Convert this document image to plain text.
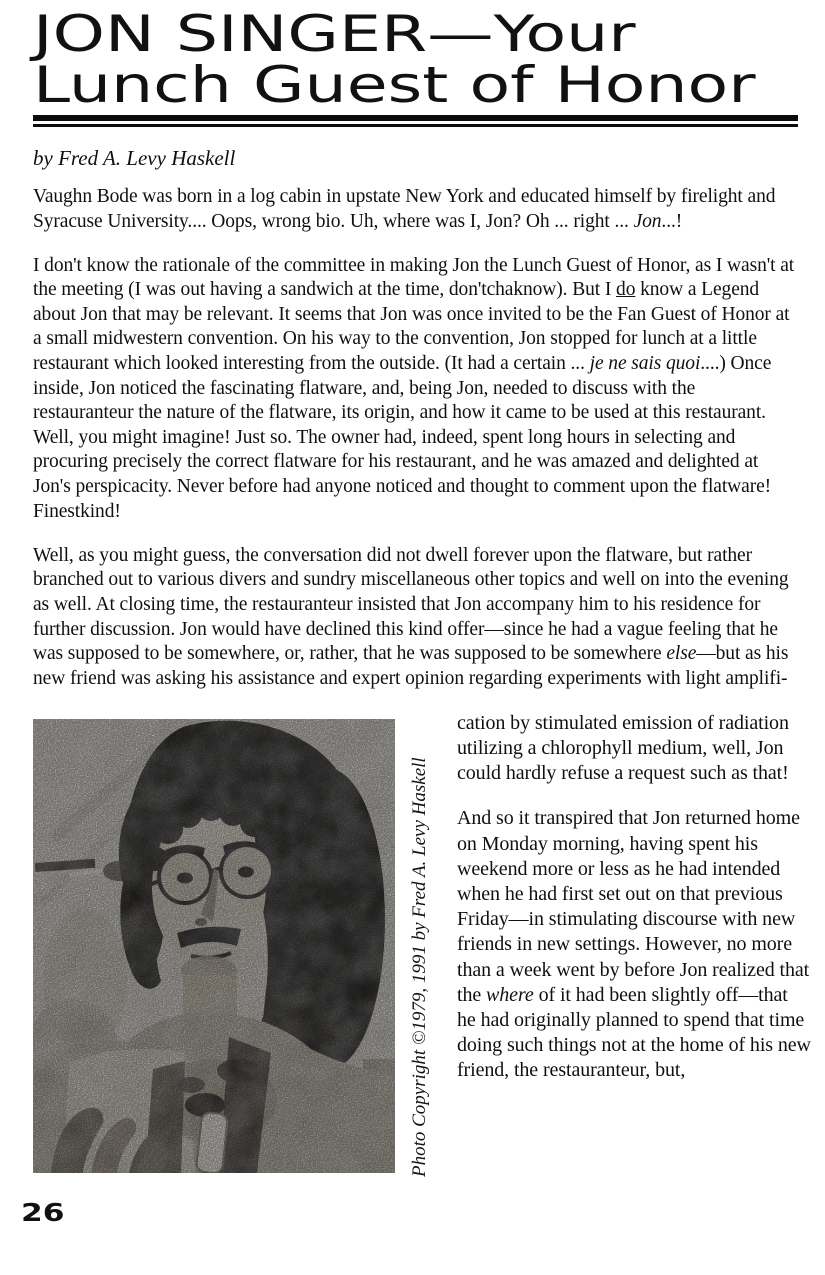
JON SINGER—Your
Lunch Guest of Honor
by Fred A. Levy Haskell

Vaughn Bode was born in a log cabin in upstate New York and educated himself by firelight and Syracuse University.... Oops, wrong bio. Uh, where was I, Jon? Oh ... right ... Jon...!

I don't know the rationale of the committee in making Jon the Lunch Guest of Honor, as I wasn't at the meeting (I was out having a sandwich at the time, don'tchaknow). But I do know a Legend about Jon that may be relevant. It seems that Jon was once invited to be the Fan Guest of Honor at a small midwestern convention. On his way to the convention, Jon stopped for lunch at a little restaurant which looked interesting from the outside. (It had a certain ... je ne sais quoi....) Once inside, Jon noticed the fascinating flatware, and, being Jon, needed to discuss with the restauranteur the nature of the flatware, its origin, and how it came to be used at this restaurant. Well, you might imagine! Just so. The owner had, indeed, spent long hours in selecting and procuring precisely the correct flatware for his restaurant, and he was amazed and delighted at Jon's perspicacity. Never before had anyone noticed and thought to comment upon the flatware! Finestkind!

Well, as you might guess, the conversation did not dwell forever upon the flatware, but rather branched out to various divers and sundry miscellaneous other topics and well on into the evening as well. At closing time, the restauranteur insisted that Jon accompany him to his residence for further discussion. Jon would have declined this kind offer—since he had a vague feeling that he was supposed to be somewhere, or, rather, that he was supposed to be somewhere else—but as his new friend was asking his assistance and expert opinion regarding experiments with light amplifi-

Photo Copyright ©1979, 1991 by Fred A. Levy Haskell

cation by stimulated emission of radiation utilizing a chlorophyll medium, well, Jon could hardly refuse a request such as that!

And so it transpired that Jon returned home on Monday morning, having spent his weekend more or less as he had intended when he had first set out on that previous Friday—in stimulating discourse with new friends in new settings. However, no more than a week went by before Jon realized that the where of it had been slightly off—that he had originally planned to spend that time doing such things not at the home of his new friend, the restauranteur, but,

26
